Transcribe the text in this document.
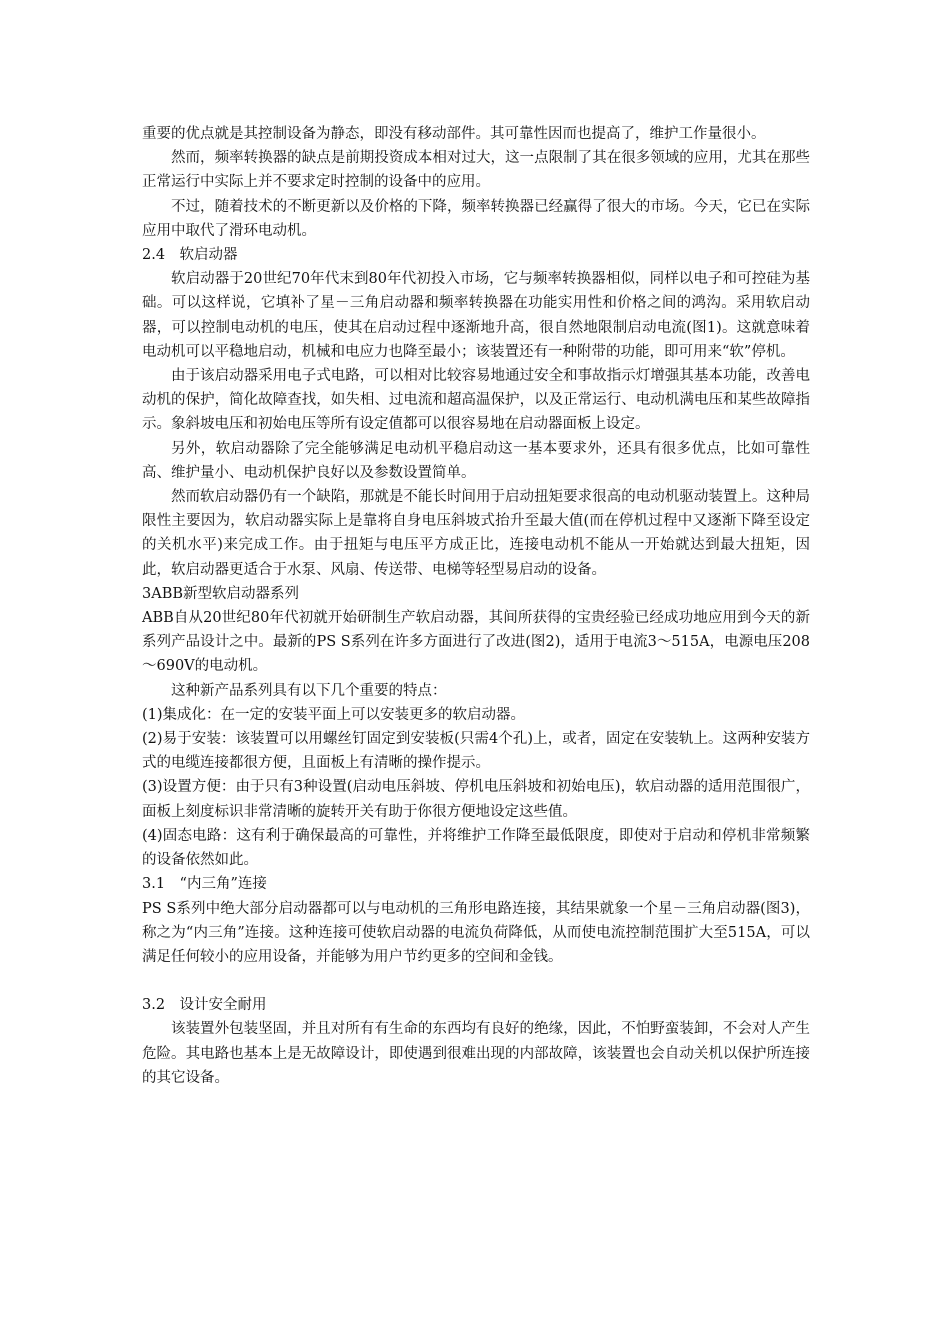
重要的优点就是其控制设备为静态，即没有移动部件。其可靠性因而也提高了，维护工作量很小。

然而，频率转换器的缺点是前期投资成本相对过大，这一点限制了其在很多领域的应用，尤其在那些正常运行中实际上并不要求定时控制的设备中的应用。

不过，随着技术的不断更新以及价格的下降，频率转换器已经赢得了很大的市场。今天，它已在实际应用中取代了滑环电动机。

2.4　软启动器

软启动器于20世纪70年代末到80年代初投入市场，它与频率转换器相似，同样以电子和可控硅为基础。可以这样说，它填补了星－三角启动器和频率转换器在功能实用性和价格之间的鸿沟。采用软启动器，可以控制电动机的电压，使其在启动过程中逐渐地升高，很自然地限制启动电流(图1)。这就意味着电动机可以平稳地启动，机械和电应力也降至最小；该装置还有一种附带的功能，即可用来“软”停机。

由于该启动器采用电子式电路，可以相对比较容易地通过安全和事故指示灯增强其基本功能，改善电动机的保护，简化故障查找，如失相、过电流和超高温保护，以及正常运行、电动机满电压和某些故障指示。象斜坡电压和初始电压等所有设定值都可以很容易地在启动器面板上设定。

另外，软启动器除了完全能够满足电动机平稳启动这一基本要求外，还具有很多优点，比如可靠性高、维护量小、电动机保护良好以及参数设置简单。

然而软启动器仍有一个缺陷，那就是不能长时间用于启动扭矩要求很高的电动机驱动装置上。这种局限性主要因为，软启动器实际上是靠将自身电压斜坡式抬升至最大值(而在停机过程中又逐渐下降至设定的关机水平)来完成工作。由于扭矩与电压平方成正比，连接电动机不能从一开始就达到最大扭矩，因此，软启动器更适合于水泵、风扇、传送带、电梯等轻型易启动的设备。

3ABB新型软启动器系列

ABB自从20世纪80年代初就开始研制生产软启动器，其间所获得的宝贵经验已经成功地应用到今天的新系列产品设计之中。最新的PS S系列在许多方面进行了改进(图2)，适用于电流3～515A，电源电压208～690V的电动机。

这种新产品系列具有以下几个重要的特点：

(1)集成化：在一定的安装平面上可以安装更多的软启动器。

(2)易于安装：该装置可以用螺丝钉固定到安装板(只需4个孔)上，或者，固定在安装轨上。这两种安装方式的电缆连接都很方便，且面板上有清晰的操作提示。

(3)设置方便：由于只有3种设置(启动电压斜坡、停机电压斜坡和初始电压)，软启动器的适用范围很广，面板上刻度标识非常清晰的旋转开关有助于你很方便地设定这些值。

(4)固态电路：这有利于确保最高的可靠性，并将维护工作降至最低限度，即使对于启动和停机非常频繁的设备依然如此。

3.1　“内三角”连接

PS S系列中绝大部分启动器都可以与电动机的三角形电路连接，其结果就象一个星－三角启动器(图3)，称之为“内三角”连接。这种连接可使软启动器的电流负荷降低，从而使电流控制范围扩大至515A，可以满足任何较小的应用设备，并能够为用户节约更多的空间和金钱。

3.2　设计安全耐用

该装置外包装坚固，并且对所有有生命的东西均有良好的绝缘，因此，不怕野蛮装卸，不会对人产生危险。其电路也基本上是无故障设计，即使遇到很难出现的内部故障，该装置也会自动关机以保护所连接的其它设备。
